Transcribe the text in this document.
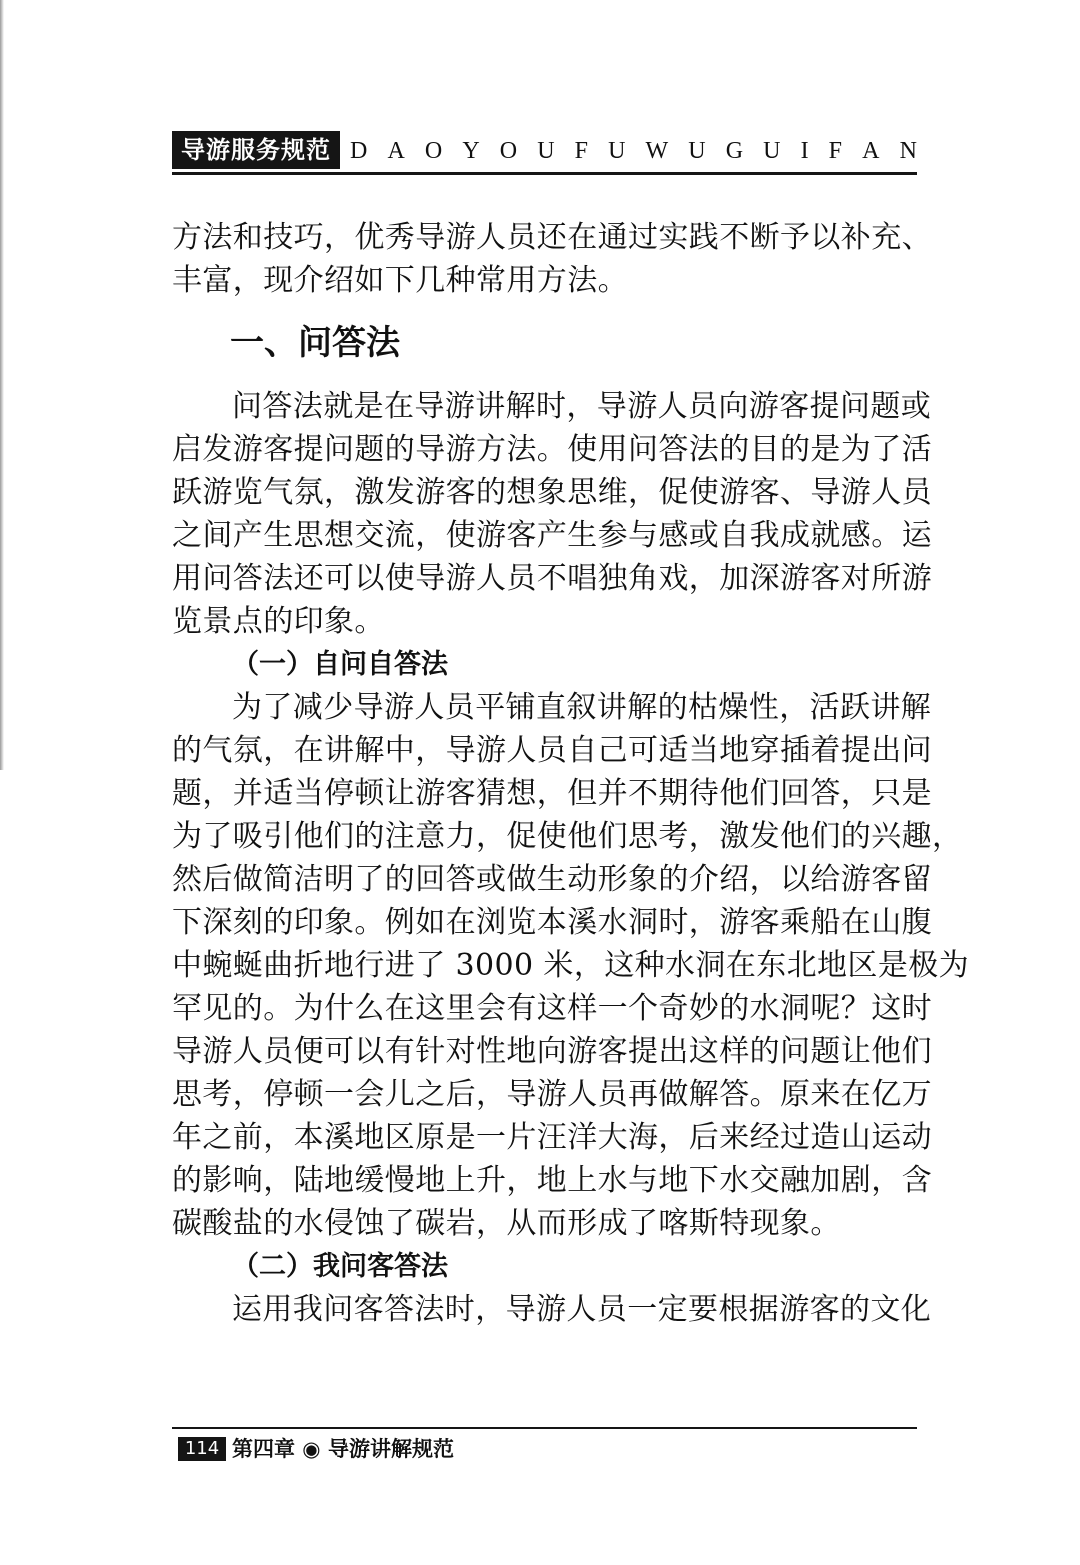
导游服务规范 D A O Y O U F U W U G U I F A N

方法和技巧，优秀导游人员还在通过实践不断予以补充、

丰富，现介绍如下几种常用方法。

一、问答法

问答法就是在导游讲解时，导游人员向游客提问题或

启发游客提问题的导游方法。使用问答法的目的是为了活

跃游览气氛，激发游客的想象思维，促使游客、导游人员

之间产生思想交流，使游客产生参与感或自我成就感。运

用问答法还可以使导游人员不唱独角戏，加深游客对所游

览景点的印象。

（一）自问自答法

为了减少导游人员平铺直叙讲解的枯燥性，活跃讲解

的气氛，在讲解中，导游人员自己可适当地穿插着提出问

题，并适当停顿让游客猜想，但并不期待他们回答，只是

为了吸引他们的注意力，促使他们思考，激发他们的兴趣，

然后做简洁明了的回答或做生动形象的介绍，以给游客留

下深刻的印象。例如在浏览本溪水洞时，游客乘船在山腹

中蜿蜒曲折地行进了 3000 米，这种水洞在东北地区是极为

罕见的。为什么在这里会有这样一个奇妙的水洞呢？这时

导游人员便可以有针对性地向游客提出这样的问题让他们

思考，停顿一会儿之后，导游人员再做解答。原来在亿万

年之前，本溪地区原是一片汪洋大海，后来经过造山运动

的影响，陆地缓慢地上升，地上水与地下水交融加剧，含

碳酸盐的水侵蚀了碳岩，从而形成了喀斯特现象。

（二）我问客答法

运用我问客答法时，导游人员一定要根据游客的文化

114 第四章 ◉ 导游讲解规范
